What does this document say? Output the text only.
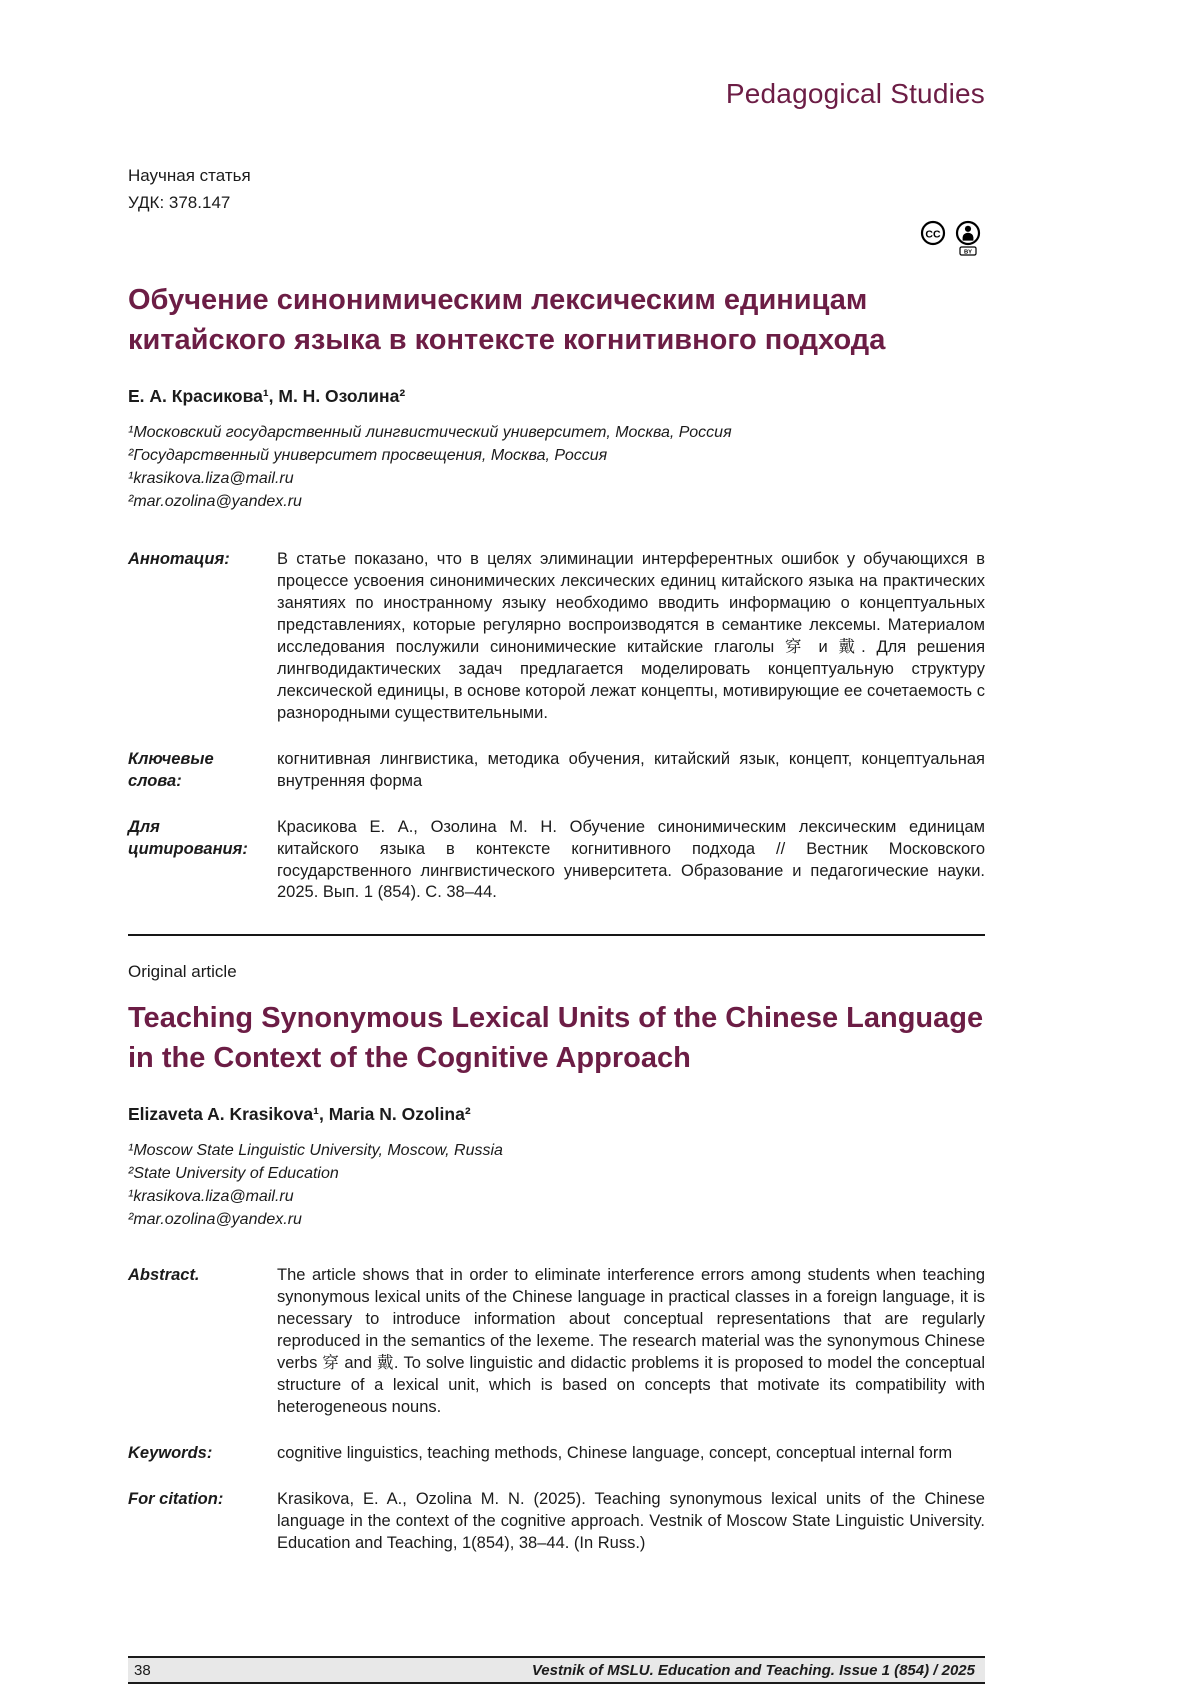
Pedagogical Studies
Научная статья
УДК: 378.147
CC
BY
Обучение синонимическим лексическим единицам китайского языка в контексте когнитивного подхода
Е. А. Красикова¹, М. Н. Озолина²
¹Московский государственный лингвистический университет, Москва, Россия
²Государственный университет просвещения, Москва, Россия
¹krasikova.liza@mail.ru
²mar.ozolina@yandex.ru
Аннотация:	В статье показано, что в целях элиминации интерферентных ошибок у обучающихся в процессе усвоения синонимических лексических единиц китайского языка на практических занятиях по иностранному языку необходимо вводить информацию о концептуальных представлениях, которые регулярно воспроизводятся в семантике лексемы. Материалом исследования послужили синонимические китайские глаголы 穿 и 戴. Для решения лингводидактических задач предлагается моделировать концептуальную структуру лексической единицы, в основе которой лежат концепты, мотивирующие ее сочетаемость с разнородными существительными.
Ключевые слова:
когнитивная лингвистика, методика обучения, китайский язык, концепт, концептуальная внутренняя форма
Для цитирования:
Красикова Е. А., Озолина М. Н. Обучение синонимическим лексическим единицам китайского языка в контексте когнитивного подхода // Вестник Московского государственного лингвистического университета. Образование и педагогические науки. 2025. Вып. 1 (854). С. 38–44.
Original article
Teaching Synonymous Lexical Units of the Chinese Language in the Context of the Cognitive Approach
Elizaveta A. Krasikova¹, Maria N. Ozolina²
¹Moscow State Linguistic University, Moscow, Russia
²State University of Education
¹krasikova.liza@mail.ru
²mar.ozolina@yandex.ru
Abstract.	The article shows that in order to eliminate interference errors among students when teaching synonymous lexical units of the Chinese language in practical classes in a foreign language, it is necessary to introduce information about conceptual representations that are regularly reproduced in the semantics of the lexeme. The research material was the synonymous Chinese verbs 穿 and 戴. To solve linguistic and didactic problems it is proposed to model the conceptual structure of a lexical unit, which is based on concepts that motivate its compatibility with heterogeneous nouns.
Keywords:	cognitive linguistics, teaching methods, Chinese language, concept, conceptual internal form
For citation:	Krasikova, E. A., Ozolina M. N. (2025). Teaching synonymous lexical units of the Chinese language in the context of the cognitive approach. Vestnik of Moscow State Linguistic University. Education and Teaching, 1(854), 38–44. (In Russ.)
38	Vestnik of MSLU. Education and Teaching. Issue 1 (854) / 2025
